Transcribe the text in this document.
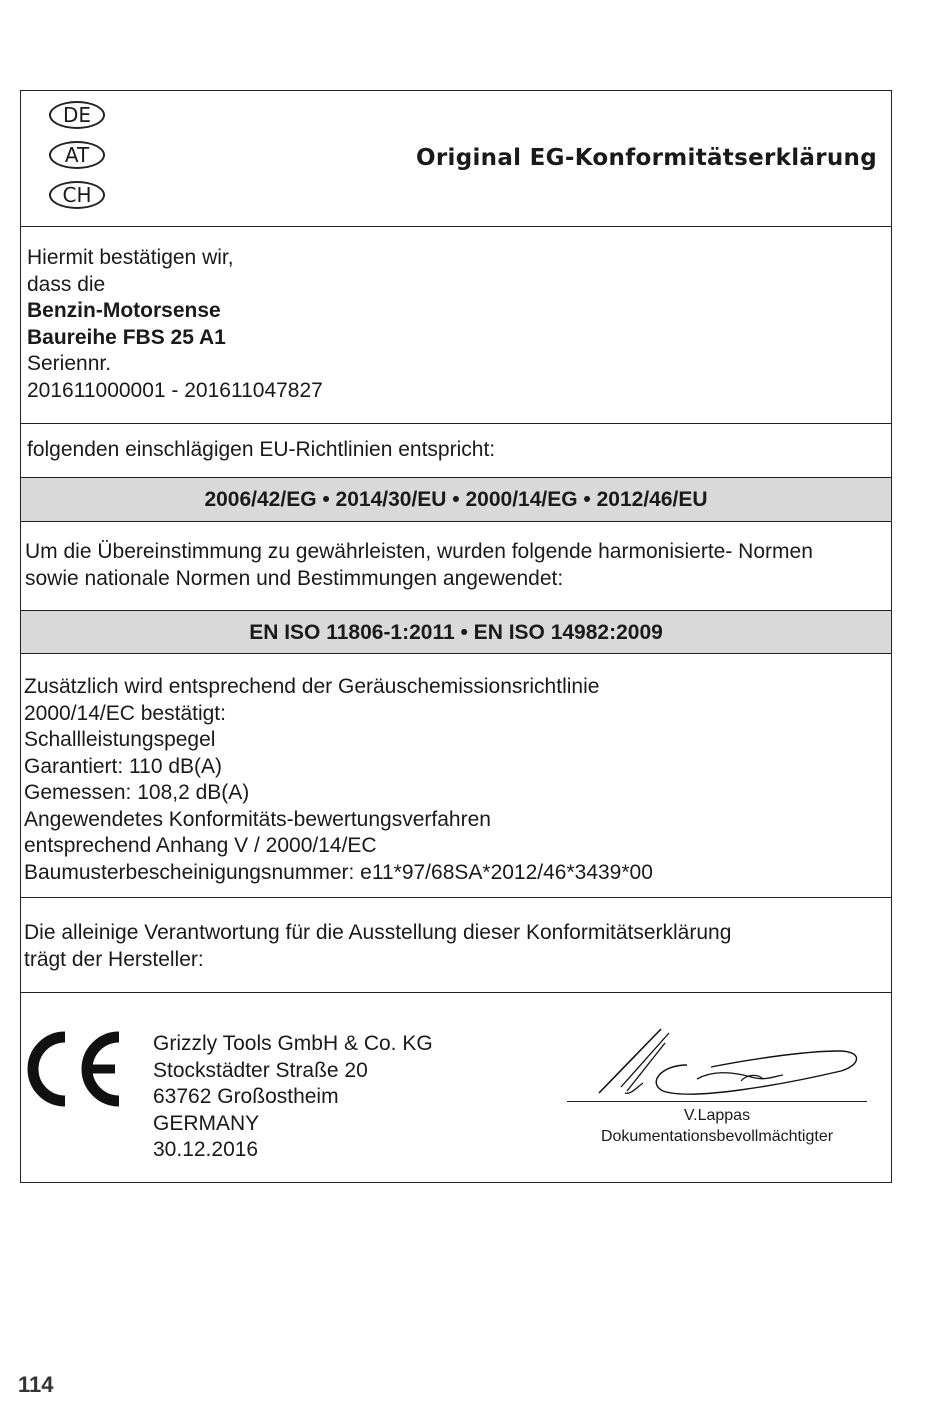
DE
AT
CH
Original EG-Konformitätserklärung
Hiermit bestätigen wir,
dass die
Benzin-Motorsense
Baureihe FBS 25 A1
Seriennr.
201611000001 - 201611047827
folgenden einschlägigen EU-Richtlinien entspricht:
2006/42/EG • 2014/30/EU • 2000/14/EG • 2012/46/EU
Um die Übereinstimmung zu gewährleisten, wurden folgende harmonisierte- Normen
sowie nationale Normen und Bestimmungen angewendet:
EN ISO 11806-1:2011 • EN ISO 14982:2009
Zusätzlich wird entsprechend der Geräuschemissionsrichtlinie
2000/14/EC bestätigt:
Schallleistungspegel
Garantiert: 110 dB(A)
Gemessen: 108,2 dB(A)
Angewendetes Konformitäts-bewertungsverfahren
entsprechend Anhang V / 2000/14/EC
Baumusterbescheinigungsnummer: e11*97/68SA*2012/46*3439*00
Die alleinige Verantwortung für die Ausstellung dieser Konformitätserklärung
trägt der Hersteller:
Grizzly Tools GmbH & Co. KG
Stockstädter Straße 20
63762 Großostheim
GERMANY
30.12.2016
V.Lappas
Dokumentationsbevollmächtigter
114
